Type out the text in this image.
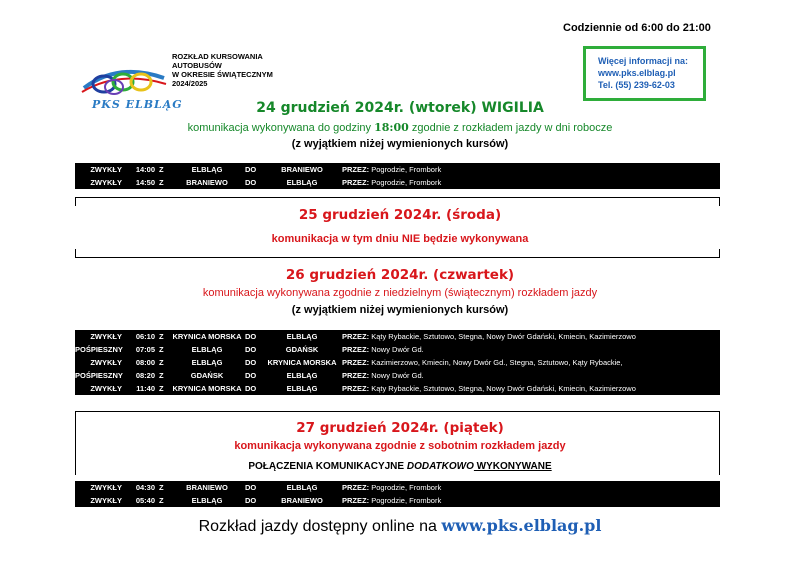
Codziennie od 6:00 do 21:00
PKS ELBLĄG
ROZKŁAD KURSOWANIA
AUTOBUSÓW
W OKRESIE ŚWIĄTECZNYM
2024/2025
Więcej informacji na:
www.pks.elblag.pl
Tel. (55) 239-62-03
24 grudzień 2024r. (wtorek) WIGILIA
komunikacja wykonywana do godziny 18:00 zgodnie z rozkładem jazdy w dni robocze
(z wyjątkiem niżej wymienionych kursów)
ZWYKŁY	14:00 Z	ELBLĄG	DO	BRANIEWO	PRZEZ: Pogrodzie, Frombork
ZWYKŁY	14:50 Z	BRANIEWO	DO	ELBLĄG	PRZEZ: Pogrodzie, Frombork
25 grudzień 2024r. (środa)
komunikacja w tym dniu NIE będzie wykonywana
26 grudzień 2024r. (czwartek)
komunikacja wykonywana zgodnie z niedzielnym (świątecznym) rozkładem jazdy
(z wyjątkiem niżej wymienionych kursów)
ZWYKŁY	06:10 Z KRYNICA MORSKA DO	ELBLĄG	PRZEZ: Kąty Rybackie, Sztutowo, Stegna, Nowy Dwór Gdański, Kmiecin, Kazimierzowo
POŚPIESZNY	07:05 Z	ELBLĄG	DO	GDAŃSK	PRZEZ: Nowy Dwór Gd.
ZWYKŁY	08:00 Z	ELBLĄG	DO	KRYNICA MORSKA PRZEZ: Kazimierzowo, Kmiecin, Nowy Dwór Gd., Stegna, Sztutowo, Kąty Rybackie,
POŚPIESZNY	08:20 Z	GDAŃSK	DO	ELBLĄG	PRZEZ: Nowy Dwór Gd.
ZWYKŁY	11:40 Z KRYNICA MORSKA DO	ELBLĄG	PRZEZ: Kąty Rybackie, Sztutowo, Stegna, Nowy Dwór Gdański, Kmiecin, Kazimierzowo
27 grudzień 2024r. (piątek)
komunikacja wykonywana zgodnie z sobotnim rozkładem jazdy
POŁĄCZENIA KOMUNIKACYJNE DODATKOWO WYKONYWANE
ZWYKŁY	04:30 Z	BRANIEWO	DO	ELBLĄG	PRZEZ: Pogrodzie, Frombork
ZWYKŁY	05:40 Z	ELBLĄG	DO	BRANIEWO	PRZEZ: Pogrodzie, Frombork
Rozkład jazdy dostępny online na www.pks.elblag.pl
